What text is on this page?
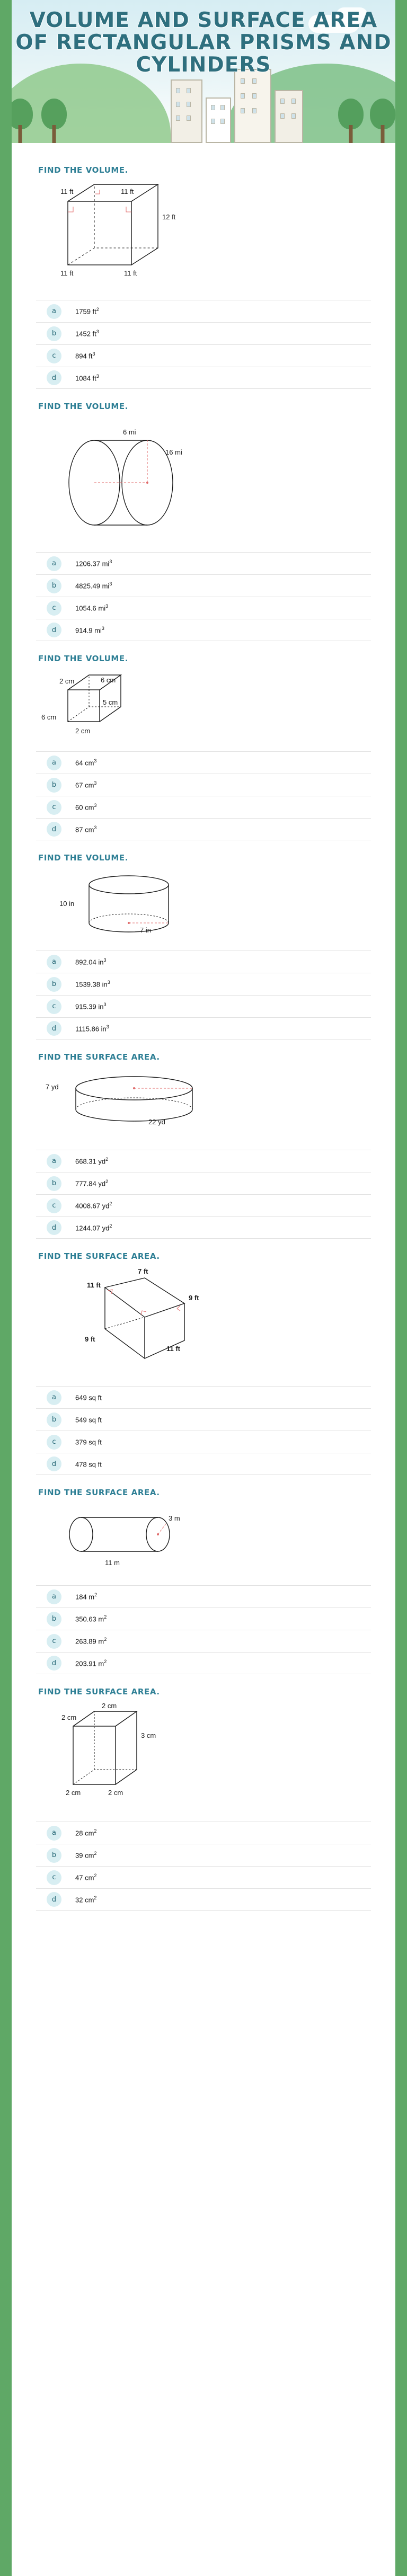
VOLUME AND SURFACE AREA OF RECTANGULAR PRISMS AND CYLINDERS
FIND THE VOLUME.
11 ft	11 ft
12 ft
11 ft	11 ft
a	1759 $ft^2$
b	1452 $ft^3$
c	894 $ft^3$
d	1084 $ft^3$
FIND THE VOLUME.
6 mi
16 mi
a	1206.37 $mi^3$
b	4825.49 $mi^3$
c	1054.6 $mi^3$
d	914.9 $mi^3$
FIND THE VOLUME.
2 cm	6 cm
6 cm
5 cm
2 cm
a	64 $cm^3$
b	67 $cm^3$
c	60 $cm^3$
d	87 $cm^3$
FIND THE VOLUME.
10 in
7 in
a	892.04 $in^3$
b	1539.38 $in^3$
c	915.39 $in^3$
d	1115.86 $in^3$
FIND THE SURFACE AREA.
7 yd
22 yd
a	668.31 $yd^2$
b	777.84 $yd^2$
c	4008.67 $yd^2$
d	1244.07 $yd^2$
FIND THE SURFACE AREA.
7 ft
11 ft
9 ft
9 ft
11 ft
a	649 sq ft
b	549 sq ft
c	379 sq ft
d	478 sq ft
FIND THE SURFACE AREA.
3 m
11 m
a	184 $m^2$
b	350.63 $m^2$
c	263.89 $m^2$
d	203.91 $m^2$
FIND THE SURFACE AREA.
2 cm
2 cm
3 cm
2 cm	2 cm
a	28 $cm^2$
b	39 $cm^2$
c	47 $cm^2$
d	32 $cm^2$
